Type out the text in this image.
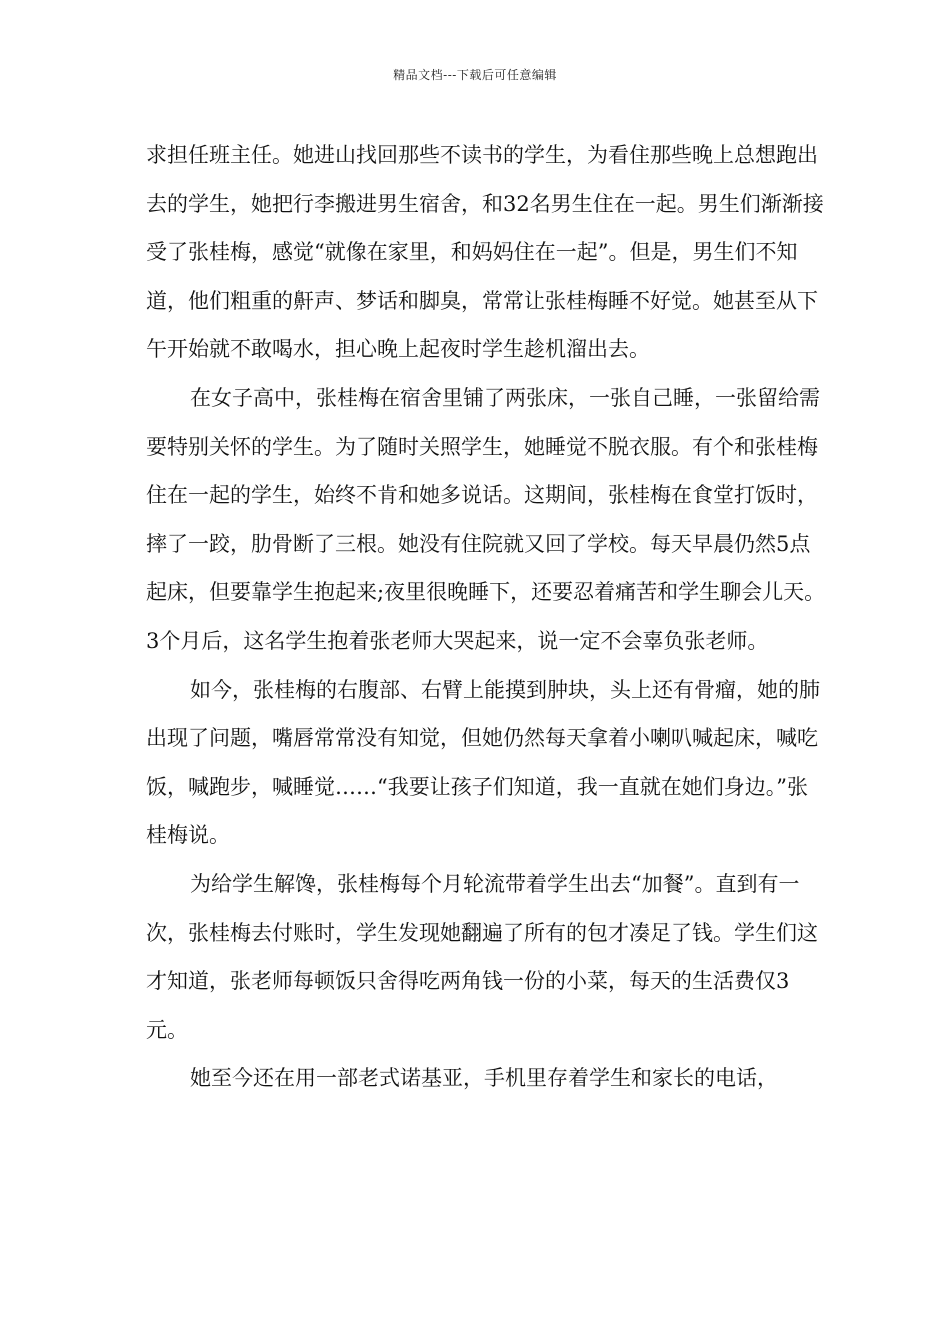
精品文档---下载后可任意编辑

求担任班主任。她进山找回那些不读书的学生，为看住那些晚上总想跑出去的学生，她把行李搬进男生宿舍，和32名男生住在一起。男生们渐渐接受了张桂梅，感觉“就像在家里，和妈妈住在一起”。但是，男生们不知道，他们粗重的鼾声、梦话和脚臭，常常让张桂梅睡不好觉。她甚至从下午开始就不敢喝水，担心晚上起夜时学生趁机溜出去。

在女子高中，张桂梅在宿舍里铺了两张床，一张自己睡，一张留给需要特别关怀的学生。为了随时关照学生，她睡觉不脱衣服。有个和张桂梅住在一起的学生，始终不肯和她多说话。这期间，张桂梅在食堂打饭时，摔了一跤，肋骨断了三根。她没有住院就又回了学校。每天早晨仍然5点起床，但要靠学生抱起来;夜里很晚睡下，还要忍着痛苦和学生聊会儿天。3个月后，这名学生抱着张老师大哭起来，说一定不会辜负张老师。

如今，张桂梅的右腹部、右臂上能摸到肿块，头上还有骨瘤，她的肺出现了问题，嘴唇常常没有知觉，但她仍然每天拿着小喇叭喊起床，喊吃饭，喊跑步，喊睡觉……“我要让孩子们知道，我一直就在她们身边。”张桂梅说。

为给学生解馋，张桂梅每个月轮流带着学生出去“加餐”。直到有一次，张桂梅去付账时，学生发现她翻遍了所有的包才凑足了钱。学生们这才知道，张老师每顿饭只舍得吃两角钱一份的小菜，每天的生活费仅3元。

她至今还在用一部老式诺基亚，手机里存着学生和家长的电话，
